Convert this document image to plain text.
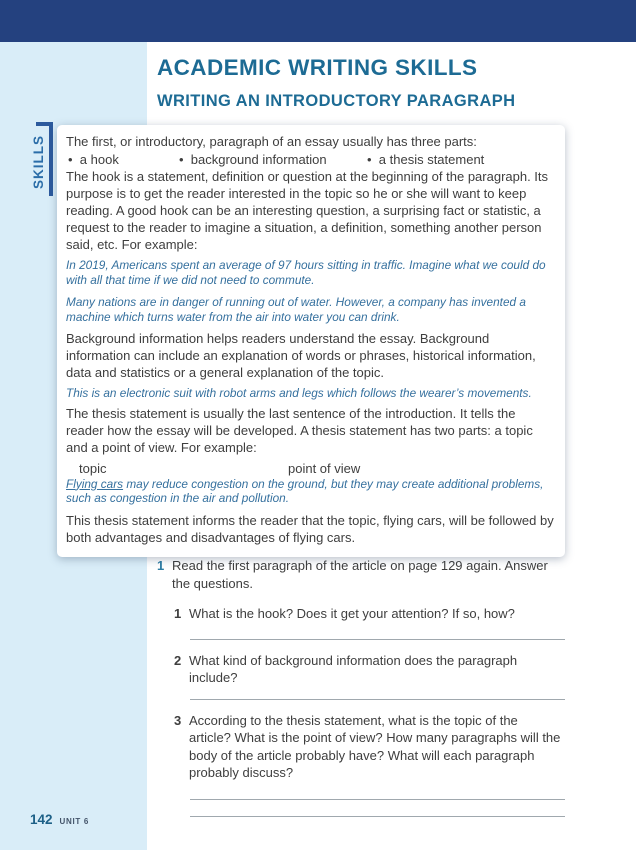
ACADEMIC WRITING SKILLS
WRITING AN INTRODUCTORY PARAGRAPH
SKILLS The first, or introductory, paragraph of an essay usually has three parts:

•  a hook	•  background information	•  a thesis statement

The hook is a statement, definition or question at the beginning of the paragraph. Its purpose is to get the reader interested in the topic so he or she will want to keep reading. A good hook can be an interesting question, a surprising fact or statistic, a request to the reader to imagine a situation, a definition, something another person said, etc. For example:

In 2019, Americans spent an average of 97 hours sitting in traffic. Imagine what we could do with all that time if we did not need to commute.

Many nations are in danger of running out of water. However, a company has invented a machine which turns water from the air into water you can drink.

Background information helps readers understand the essay. Background information can include an explanation of words or phrases, historical information, data and statistics or a general explanation of the topic.

This is an electronic suit with robot arms and legs which follows the wearer’s movements.

The thesis statement is usually the last sentence of the introduction. It tells the reader how the essay will be developed. A thesis statement has two parts: a topic and a point of view. For example:

topic	point of view

Flying cars may reduce congestion on the ground, but they may create additional problems, such as congestion in the air and pollution.

This thesis statement informs the reader that the topic, flying cars, will be followed by both advantages and disadvantages of flying cars.

1 Read the first paragraph of the article on page 129 again. Answer the questions.
1 What is the hook? Does it get your attention? If so, how?
2 What kind of background information does the paragraph include?
3 According to the thesis statement, what is the topic of the article? What is the point of view? How many paragraphs will the body of the article probably have? What will each paragraph probably discuss?
142 UNIT 6
